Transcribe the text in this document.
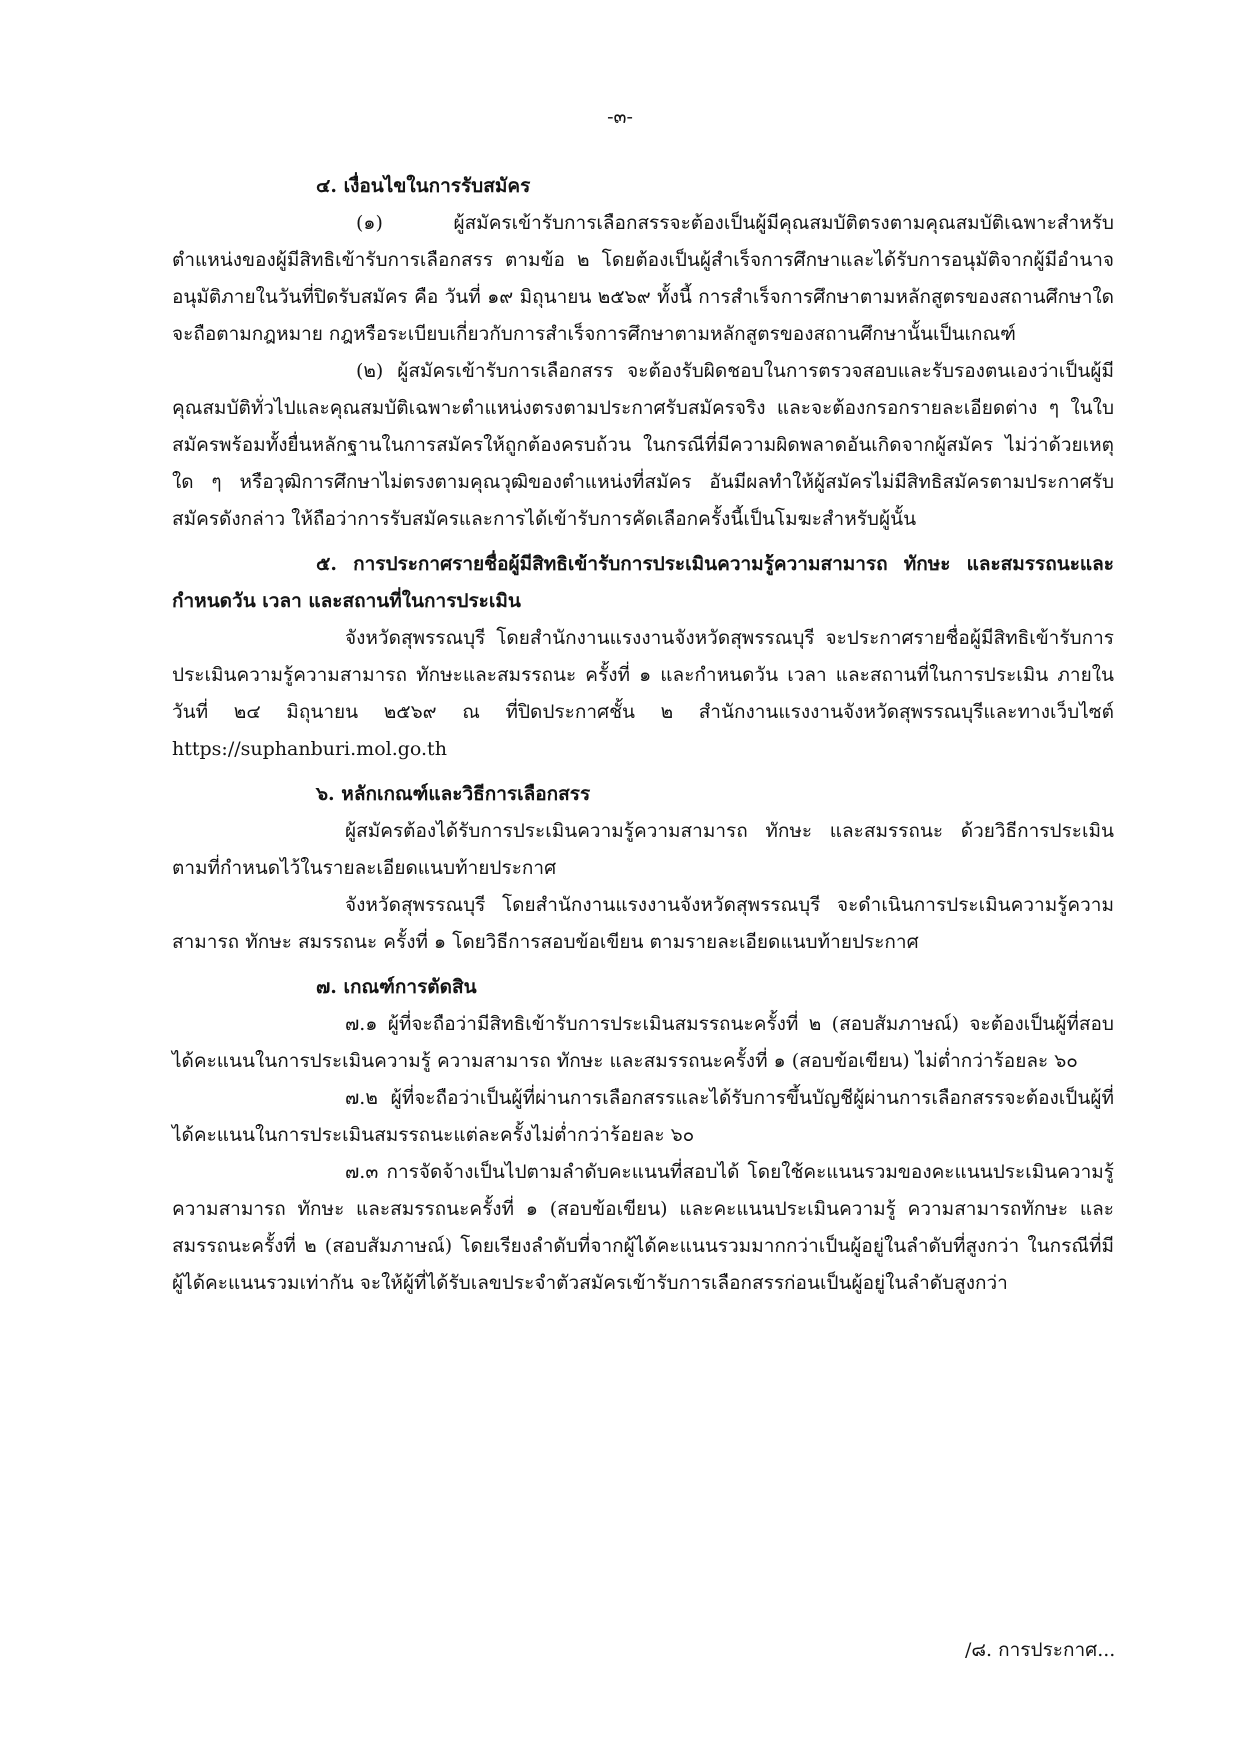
-๓-

๔. เงื่อนไขในการรับสมัคร

(๑) ผู้สมัครเข้ารับการเลือกสรรจะต้องเป็นผู้มีคุณสมบัติตรงตามคุณสมบัติเฉพาะสำหรับตำแหน่งของผู้มีสิทธิเข้ารับการเลือกสรร ตามข้อ ๒ โดยต้องเป็นผู้สำเร็จการศึกษาและได้รับการอนุมัติจากผู้มีอำนาจอนุมัติภายในวันที่ปิดรับสมัคร คือ วันที่ ๑๙ มิถุนายน ๒๕๖๙ ทั้งนี้ การสำเร็จการศึกษาตามหลักสูตรของสถานศึกษาใดจะถือตามกฎหมาย กฎหรือระเบียบเกี่ยวกับการสำเร็จการศึกษาตามหลักสูตรของสถานศึกษานั้นเป็นเกณฑ์

(๒) ผู้สมัครเข้ารับการเลือกสรร จะต้องรับผิดชอบในการตรวจสอบและรับรองตนเองว่าเป็นผู้มีคุณสมบัติทั่วไปและคุณสมบัติเฉพาะตำแหน่งตรงตามประกาศรับสมัครจริง และจะต้องกรอกรายละเอียดต่าง ๆ ในใบสมัครพร้อมทั้งยื่นหลักฐานในการสมัครให้ถูกต้องครบถ้วน ในกรณีที่มีความผิดพลาดอันเกิดจากผู้สมัคร ไม่ว่าด้วยเหตุใด ๆ หรือวุฒิการศึกษาไม่ตรงตามคุณวุฒิของตำแหน่งที่สมัคร อันมีผลทำให้ผู้สมัครไม่มีสิทธิสมัครตามประกาศรับสมัครดังกล่าว ให้ถือว่าการรับสมัครและการได้เข้ารับการคัดเลือกครั้งนี้เป็นโมฆะสำหรับผู้นั้น

๕. การประกาศรายชื่อผู้มีสิทธิเข้ารับการประเมินความรู้ความสามารถ ทักษะ และสมรรถนะและกำหนดวัน เวลา และสถานที่ในการประเมิน

จังหวัดสุพรรณบุรี โดยสำนักงานแรงงานจังหวัดสุพรรณบุรี จะประกาศรายชื่อผู้มีสิทธิเข้ารับการประเมินความรู้ความสามารถ ทักษะและสมรรถนะ ครั้งที่ ๑ และกำหนดวัน เวลา และสถานที่ในการประเมิน ภายในวันที่ ๒๔ มิถุนายน ๒๕๖๙ ณ ที่ปิดประกาศชั้น ๒ สำนักงานแรงงานจังหวัดสุพรรณบุรีและทางเว็บไซต์ https://suphanburi.mol.go.th

๖. หลักเกณฑ์และวิธีการเลือกสรร

ผู้สมัครต้องได้รับการประเมินความรู้ความสามารถ ทักษะ และสมรรถนะ ด้วยวิธีการประเมินตามที่กำหนดไว้ในรายละเอียดแนบท้ายประกาศ

จังหวัดสุพรรณบุรี โดยสำนักงานแรงงานจังหวัดสุพรรณบุรี จะดำเนินการประเมินความรู้ความสามารถ ทักษะ สมรรถนะ ครั้งที่ ๑ โดยวิธีการสอบข้อเขียน ตามรายละเอียดแนบท้ายประกาศ

๗. เกณฑ์การตัดสิน

๗.๑ ผู้ที่จะถือว่ามีสิทธิเข้ารับการประเมินสมรรถนะครั้งที่ ๒ (สอบสัมภาษณ์) จะต้องเป็นผู้ที่สอบได้คะแนนในการประเมินความรู้ ความสามารถ ทักษะ และสมรรถนะครั้งที่ ๑ (สอบข้อเขียน) ไม่ต่ำกว่าร้อยละ ๖๐

๗.๒ ผู้ที่จะถือว่าเป็นผู้ที่ผ่านการเลือกสรรและได้รับการขึ้นบัญชีผู้ผ่านการเลือกสรรจะต้องเป็นผู้ที่ได้คะแนนในการประเมินสมรรถนะแต่ละครั้งไม่ต่ำกว่าร้อยละ ๖๐

๗.๓ การจัดจ้างเป็นไปตามลำดับคะแนนที่สอบได้ โดยใช้คะแนนรวมของคะแนนประเมินความรู้ ความสามารถ ทักษะ และสมรรถนะครั้งที่ ๑ (สอบข้อเขียน) และคะแนนประเมินความรู้ ความสามารถทักษะ และสมรรถนะครั้งที่ ๒ (สอบสัมภาษณ์) โดยเรียงลำดับที่จากผู้ได้คะแนนรวมมากกว่าเป็นผู้อยู่ในลำดับที่สูงกว่า ในกรณีที่มีผู้ได้คะแนนรวมเท่ากัน จะให้ผู้ที่ได้รับเลขประจำตัวสมัครเข้ารับการเลือกสรรก่อนเป็นผู้อยู่ในลำดับสูงกว่า

/๘. การประกาศ...
